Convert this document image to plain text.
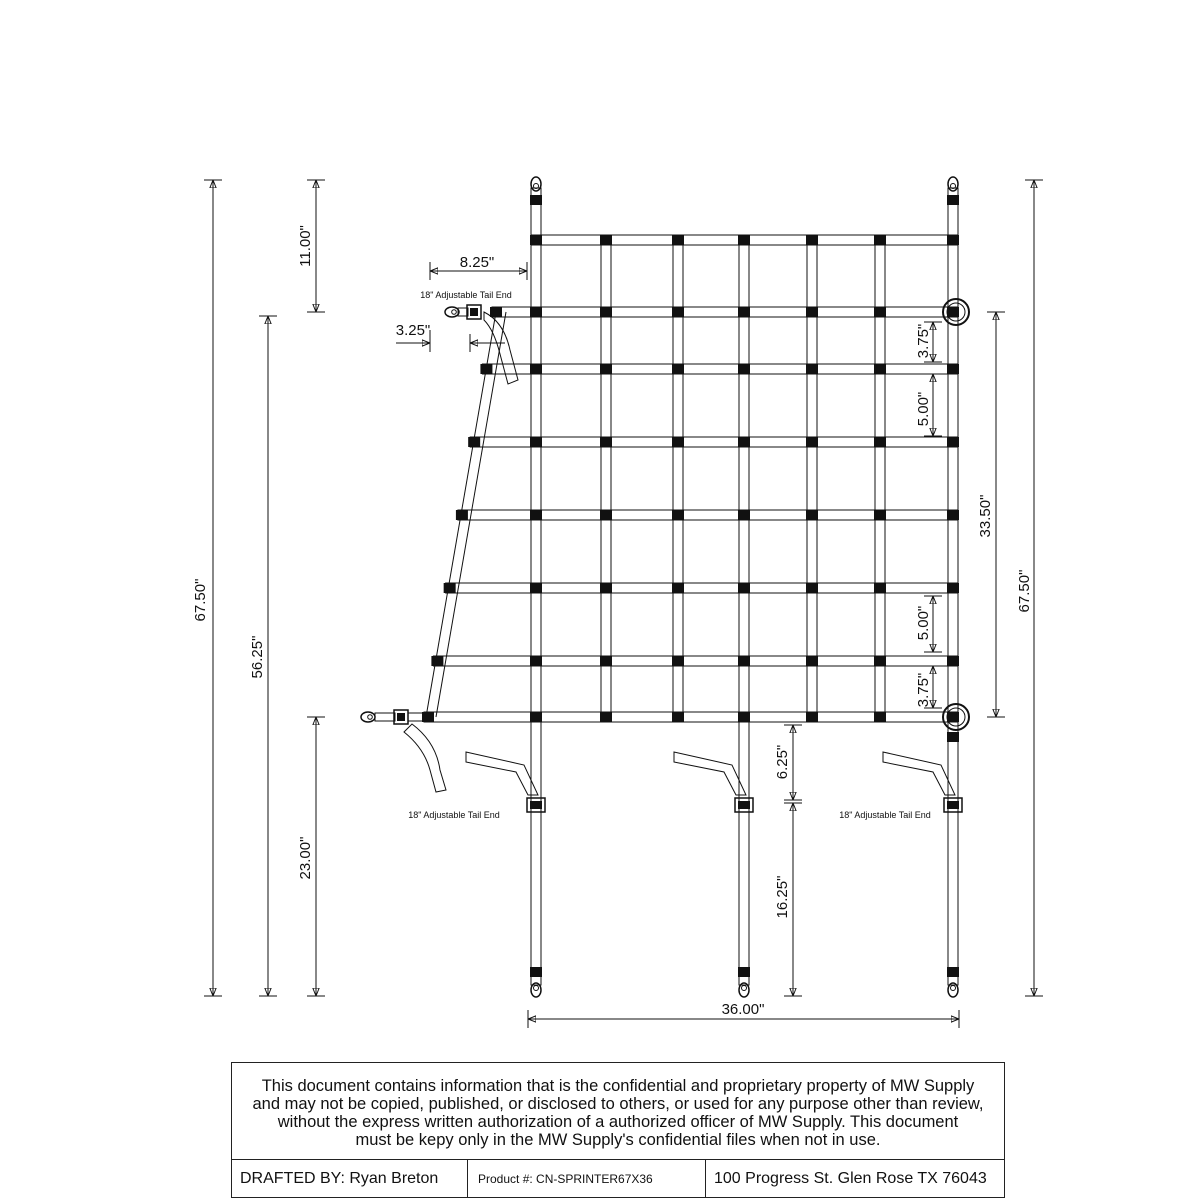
67.50"
11.00"
56.25"
23.00"
8.25"
3.25"	3.75"
5.00"
33.50"
5.00"
3.75"
67.50"
6.25"
16.25"
36.00"
18" Adjustable Tail End
18" Adjustable Tail End	18" Adjustable Tail End
This document contains information that is the confidential and proprietary property of MW Supply
and may not be copied, published, or disclosed to others, or used for any purpose other than review,
without the express written authorization of a authorized officer of MW Supply. This document
must be kepy only in the MW Supply's confidential files when not in use.
DRAFTED BY: Ryan Breton	Product #: CN-SPRINTER67X36	100 Progress St. Glen Rose TX 76043
